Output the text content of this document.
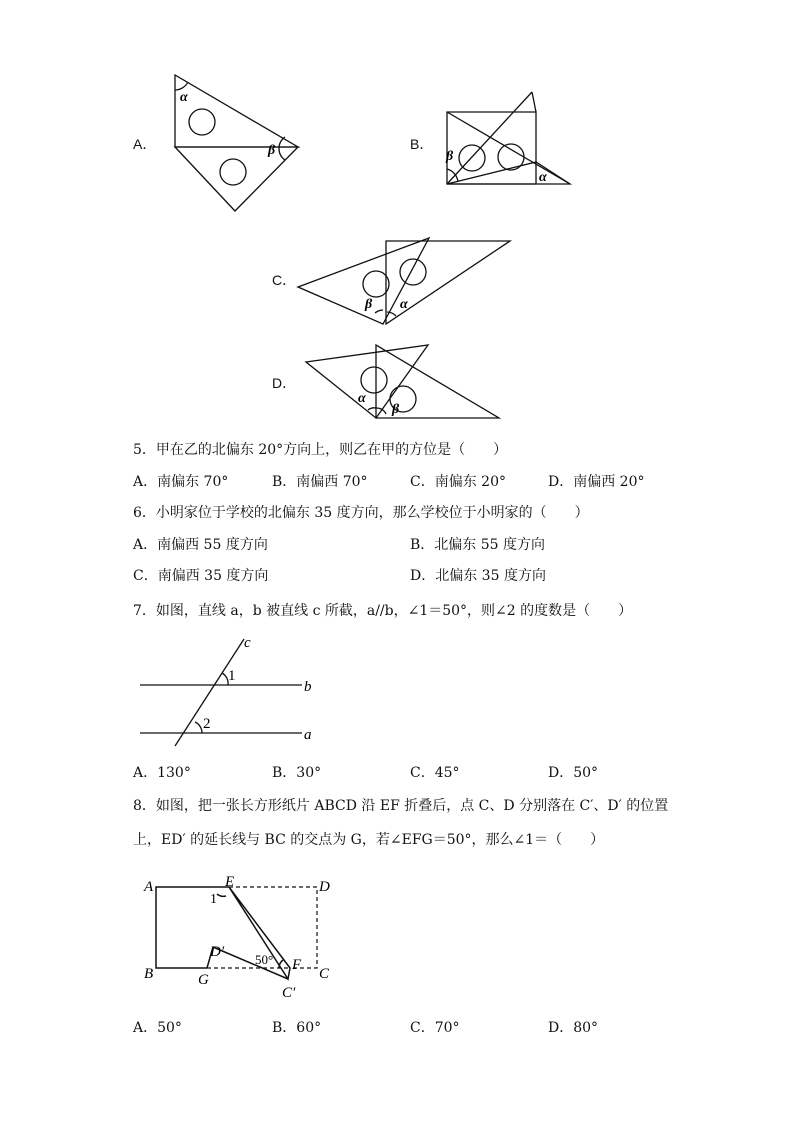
A．
α
β	B．
β
α
C．
β α
D．
α
β
5．甲在乙的北偏东 20°方向上，则乙在甲的方位是（　　）
A．南偏东 70°	B．南偏西 70°	C．南偏东 20°	D．南偏西 20°
6．小明家位于学校的北偏东 35 度方向，那么学校位于小明家的（　　）
A．南偏西 55 度方向	B．北偏东 55 度方向
C．南偏西 35 度方向	D．北偏东 35 度方向
7．如图，直线 a，b 被直线 c 所截，a//b，∠1＝50°，则∠2 的度数是（　　）
c
b
a
1
2
A．130°	B．30°	C．45°	D．50°
8．如图，把一张长方形纸片 ABCD 沿 EF 折叠后，点 C、D 分别落在 C′、D′ 的位置
上，ED′ 的延长线与 BC 的交点为 G，若∠EFG＝50°，那么∠1＝（　　）
A
B
D
C
E
F
G
D′
C′
1
50°
A．50°	B．60°	C．70°	D．80°
